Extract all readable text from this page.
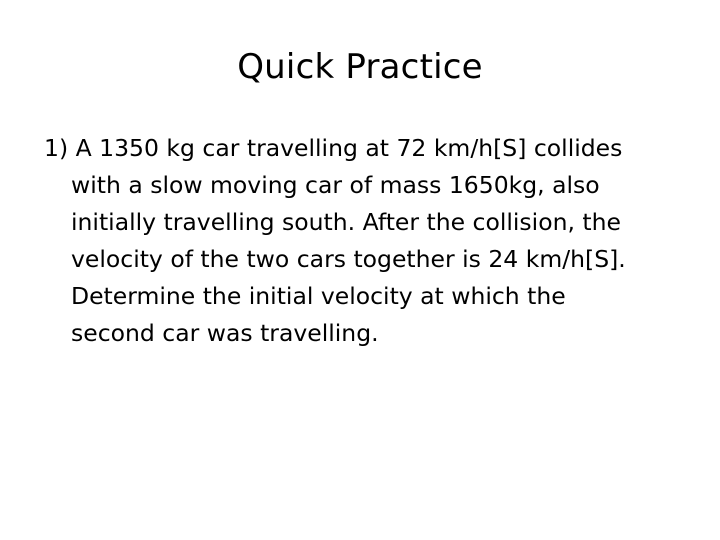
Quick Practice
1) A 1350 kg car travelling at 72 km/h[S] collides
with a slow moving car of mass 1650kg, also
initially travelling south. After the collision, the
velocity of the two cars together is 24 km/h[S].
Determine the initial velocity at which the
second car was travelling.
